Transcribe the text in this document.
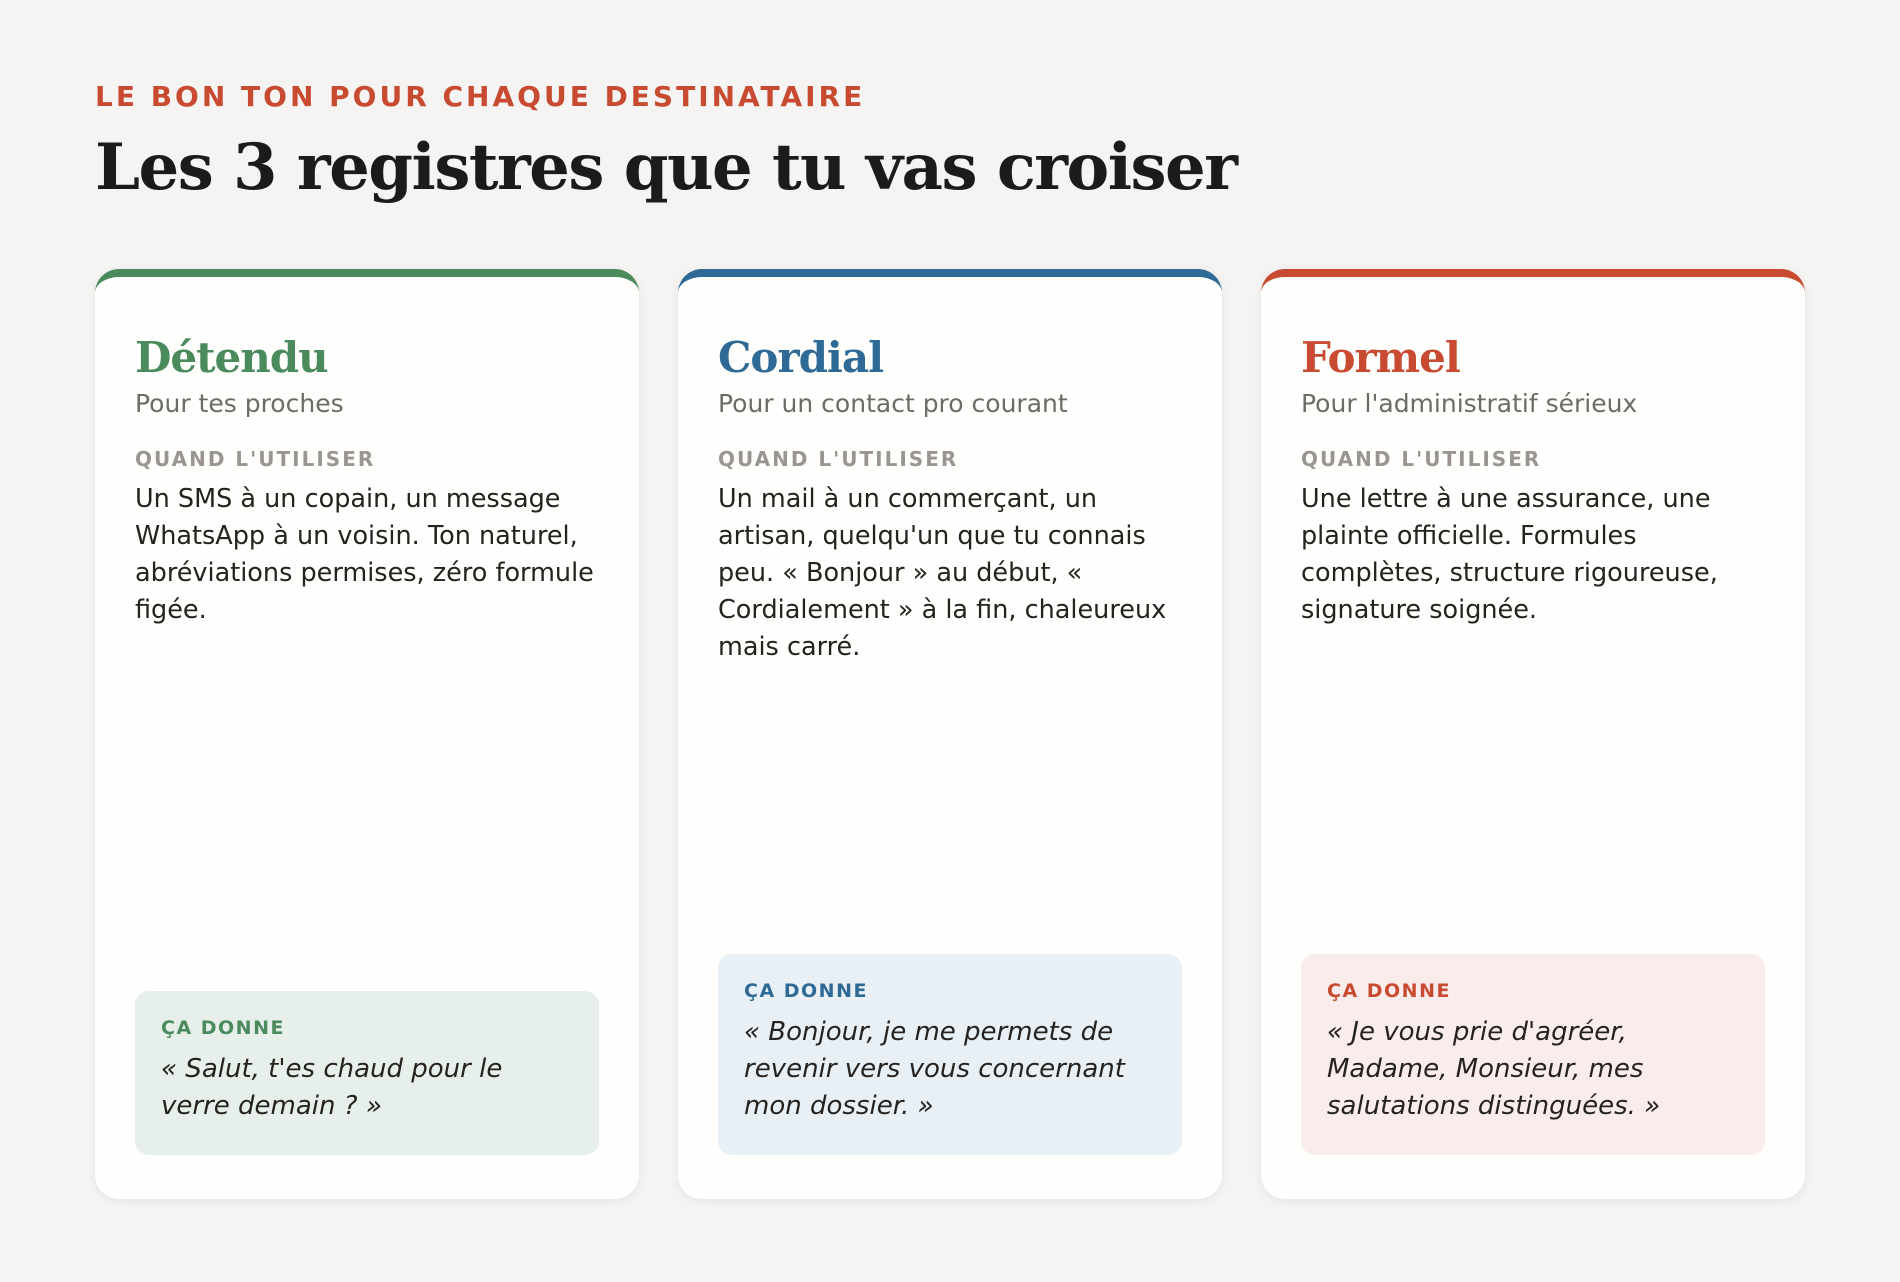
LE BON TON POUR CHAQUE DESTINATAIRE
Les 3 registres que tu vas croiser
Détendu
Pour tes proches
QUAND L'UTILISER
Un SMS à un copain, un message WhatsApp à un voisin. Ton naturel, abréviations permises, zéro formule figée.
ÇA DONNE
« Salut, t'es chaud pour le verre demain ? »
Cordial
Pour un contact pro courant
QUAND L'UTILISER
Un mail à un commerçant, un artisan, quelqu'un que tu connais peu. « Bonjour » au début, « Cordialement » à la fin, chaleureux mais carré.
ÇA DONNE
« Bonjour, je me permets de revenir vers vous concernant mon dossier. »
Formel
Pour l'administratif sérieux
QUAND L'UTILISER
Une lettre à une assurance, une plainte officielle. Formules complètes, structure rigoureuse, signature soignée.
ÇA DONNE
« Je vous prie d'agréer, Madame, Monsieur, mes salutations distinguées. »
